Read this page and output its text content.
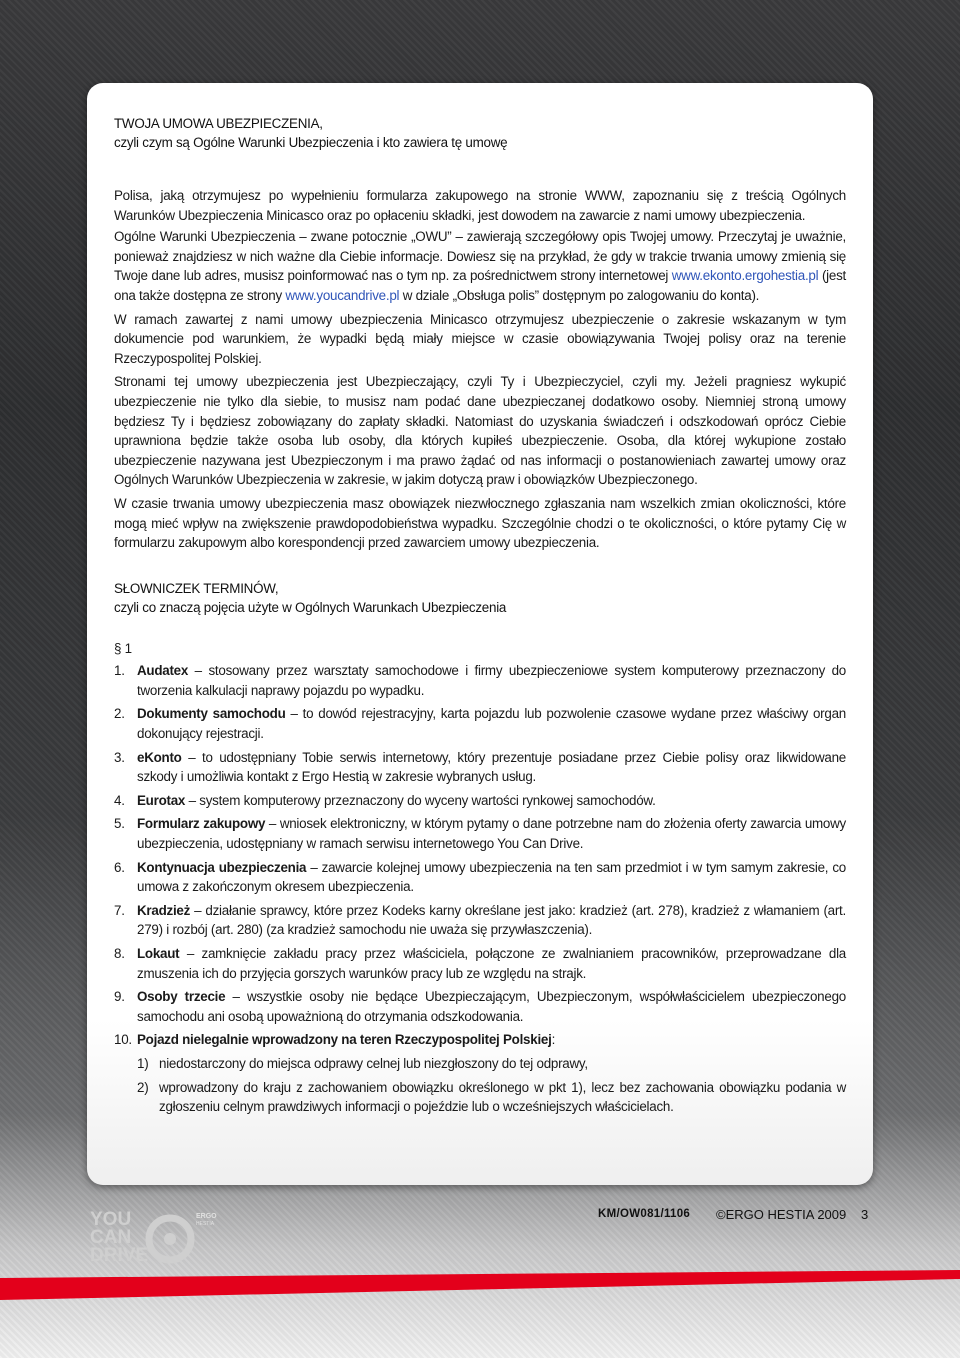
TWOJA UMOWA UBEZPIECZENIA,
czyli czym są Ogólne Warunki Ubezpieczenia i kto zawiera tę umowę

Polisa, jaką otrzymujesz po wypełnieniu formularza zakupowego na stronie WWW, zapoznaniu się z treścią Ogólnych Warunków Ubezpieczenia Minicasco oraz po opłaceniu składki, jest dowodem na zawarcie z nami umowy ubezpieczenia.

Ogólne Warunki Ubezpieczenia – zwane potocznie „OWU” – zawierają szczegółowy opis Twojej umowy. Przeczytaj je uważnie, ponieważ znajdziesz w nich ważne dla Ciebie informacje. Dowiesz się na przykład, że gdy w trakcie trwania umowy zmienią się Twoje dane lub adres, musisz poinformować nas o tym np. za pośrednictwem strony internetowej www.ekonto.ergohestia.pl (jest ona także dostępna ze strony www.youcandrive.pl w dziale „Obsługa polis” dostępnym po zalogowaniu do konta).

W ramach zawartej z nami umowy ubezpieczenia Minicasco otrzymujesz ubezpieczenie o zakresie wskazanym w tym dokumencie pod warunkiem, że wypadki będą miały miejsce w czasie obowiązywania Twojej polisy oraz na terenie Rzeczypospolitej Polskiej.

Stronami tej umowy ubezpieczenia jest Ubezpieczający, czyli Ty i Ubezpieczyciel, czyli my. Jeżeli pragniesz wykupić ubezpieczenie nie tylko dla siebie, to musisz nam podać dane ubezpieczanej dodatkowo osoby. Niemniej stroną umowy będziesz Ty i będziesz zobowiązany do zapłaty składki. Natomiast do uzyskania świadczeń i odszkodowań oprócz Ciebie uprawniona będzie także osoba lub osoby, dla których kupiłeś ubezpieczenie. Osoba, dla której wykupione zostało ubezpieczenie nazywana jest Ubezpieczonym i ma prawo żądać od nas informacji o postanowieniach zawartej umowy oraz Ogólnych Warunków Ubezpieczenia w zakresie, w jakim dotyczą praw i obowiązków Ubezpieczonego.

W czasie trwania umowy ubezpieczenia masz obowiązek niezwłocznego zgłaszania nam wszelkich zmian okoliczności, które mogą mieć wpływ na zwiększenie prawdopodobieństwa wypadku. Szczególnie chodzi o te okoliczności, o które pytamy Cię w formularzu zakupowym albo korespondencji przed zawarciem umowy ubezpieczenia.

SŁOWNICZEK TERMINÓW,
czyli co znaczą pojęcia użyte w Ogólnych Warunkach Ubezpieczenia
§ 1
1. Audatex – stosowany przez warsztaty samochodowe i firmy ubezpieczeniowe system komputerowy przeznaczony do tworzenia kalkulacji naprawy pojazdu po wypadku.
2. Dokumenty samochodu – to dowód rejestracyjny, karta pojazdu lub pozwolenie czasowe wydane przez właściwy organ dokonujący rejestracji.
3. eKonto – to udostępniany Tobie serwis internetowy, który prezentuje posiadane przez Ciebie polisy oraz likwidowane szkody i umożliwia kontakt z Ergo Hestią w zakresie wybranych usług.
4. Eurotax – system komputerowy przeznaczony do wyceny wartości rynkowej samochodów.
5. Formularz zakupowy – wniosek elektroniczny, w którym pytamy o dane potrzebne nam do złożenia oferty zawarcia umowy ubezpieczenia, udostępniany w ramach serwisu internetowego You Can Drive.
6. Kontynuacja ubezpieczenia – zawarcie kolejnej umowy ubezpieczenia na ten sam przedmiot i w tym samym zakresie, co umowa z zakończonym okresem ubezpieczenia.
7. Kradzież – działanie sprawcy, które przez Kodeks karny określane jest jako: kradzież (art. 278), kradzież z włamaniem (art. 279) i rozbój (art. 280) (za kradzież samochodu nie uważa się przywłaszczenia).
8. Lokaut – zamknięcie zakładu pracy przez właściciela, połączone ze zwalnianiem pracowników, przeprowadzane dla zmuszenia ich do przyjęcia gorszych warunków pracy lub ze względu na strajk.
9. Osoby trzecie – wszystkie osoby nie będące Ubezpieczającym, Ubezpieczonym, współwłaścicielem ubezpieczonego samochodu ani osobą upoważnioną do otrzymania odszkodowania.
10. Pojazd nielegalnie wprowadzony na teren Rzeczypospolitej Polskiej:
1) niedostarczony do miejsca odprawy celnej lub niezgłoszony do tej odprawy,
2) wprowadzony do kraju z zachowaniem obowiązku określonego w pkt 1), lecz bez zachowania obowiązku podania w zgłoszeniu celnym prawdziwych informacji o pojeździe lub o wcześniejszych właścicielach.
YOU
CAN
DRIVE
ERGO
HESTIA
KM/OW081/1106 ©ERGO HESTIA 2009 3
